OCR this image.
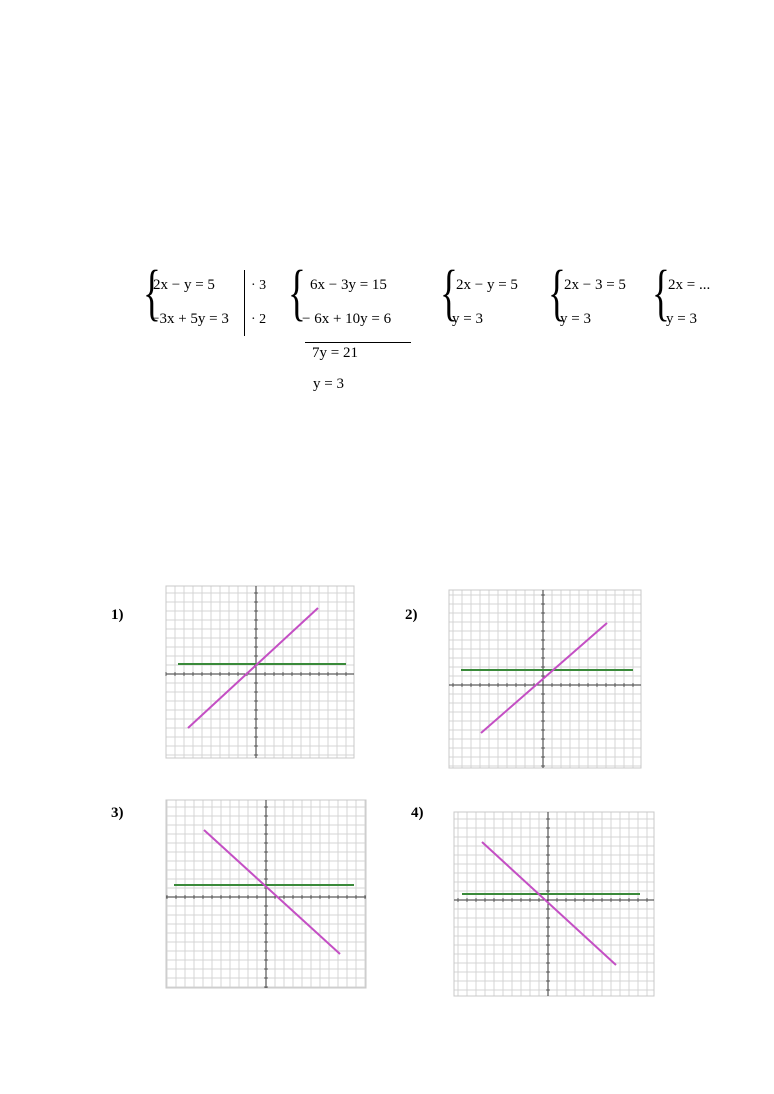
{
2x − y = 5
−3x + 5y = 3
· 3
· 2 { 6x − 3y = 15
− 6x + 10y = 6
7y = 21
y = 3
{
2x − y = 5
y = 3 {
2x − 3 = 5
y = 3 {
2x = ...
y = 3
1)	2)
3)	4)
